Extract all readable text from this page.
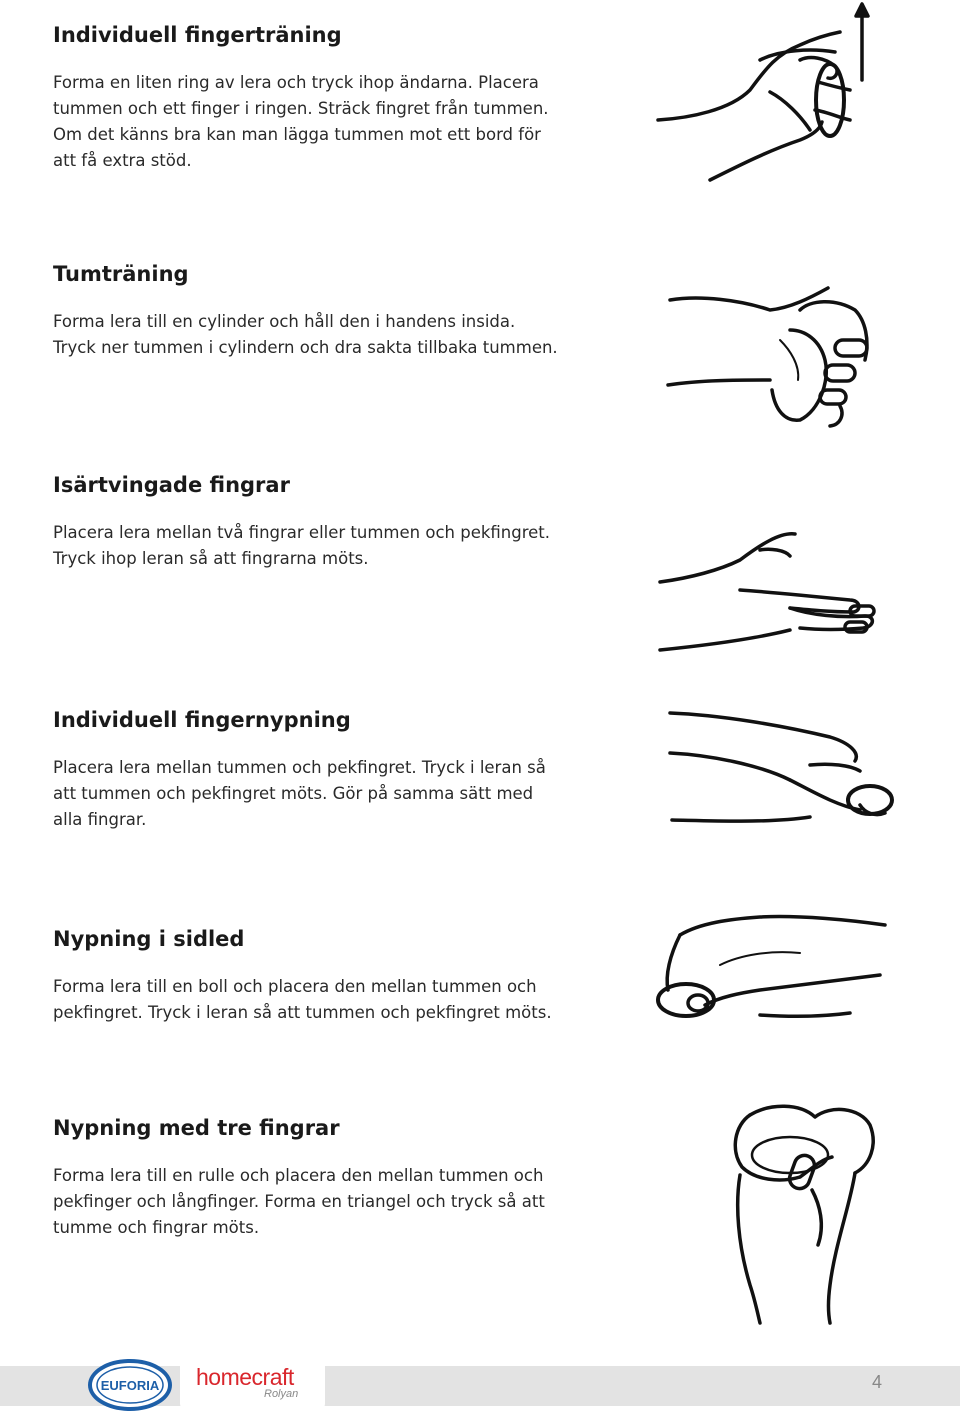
Individuell fingerträning
Forma en liten ring av lera och tryck ihop ändarna. Placera
tummen och ett finger i ringen. Sträck fingret från tummen.
Om det känns bra kan man lägga tummen mot ett bord för
att få extra stöd.
Tumträning
Forma lera till en cylinder och håll den i handens insida.
Tryck ner tummen i cylindern och dra sakta tillbaka tummen.
Isärtvingade fingrar
Placera lera mellan två fingrar eller tummen och pekfingret.
Tryck ihop leran så att fingrarna möts.
Individuell fingernypning
Placera lera mellan tummen och pekfingret. Tryck i leran så
att tummen och pekfingret möts. Gör på samma sätt med
alla fingrar.
Nypning i sidled
Forma lera till en boll och placera den mellan tummen och
pekfingret. Tryck i leran så att tummen och pekfingret möts.
Nypning med tre fingrar
Forma lera till en rulle och placera den mellan tummen och
pekfinger och långfinger. Forma en triangel och tryck så att
tumme och fingrar möts.
EUFORIA homecraft
Rolyan
4
